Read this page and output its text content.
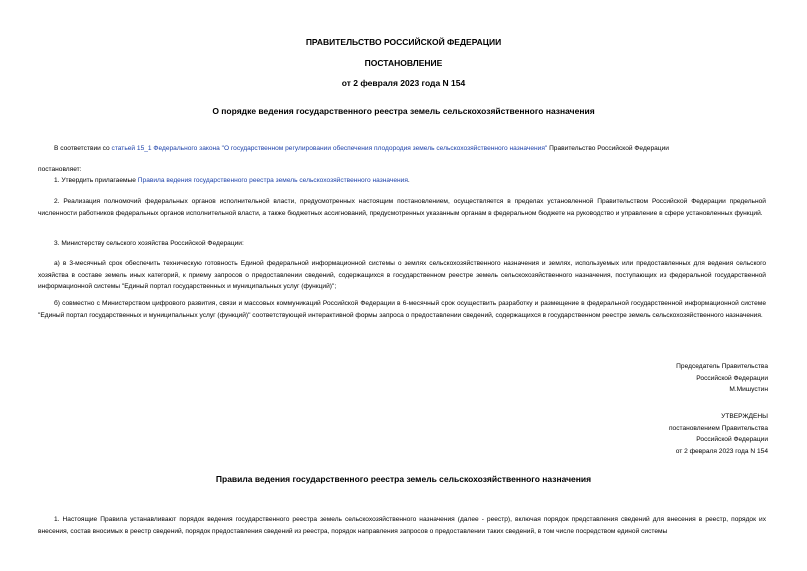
ПРАВИТЕЛЬСТВО РОССИЙСКОЙ ФЕДЕРАЦИИ
ПОСТАНОВЛЕНИЕ
от 2 февраля 2023 года N 154
О порядке ведения государственного реестра земель сельскохозяйственного назначения

В соответствии со статьей 15_1 Федерального закона "О государственном регулировании обеспечения плодородия земель сельскохозяйственного назначения" Правительство Российской Федерации

постановляет:

1. Утвердить прилагаемые Правила ведения государственного реестра земель сельскохозяйственного назначения.

2. Реализация полномочий федеральных органов исполнительной власти, предусмотренных настоящим постановлением, осуществляется в пределах установленной Правительством Российской Федерации предельной численности работников федеральных органов исполнительной власти, а также бюджетных ассигнований, предусмотренных указанным органам в федеральном бюджете на руководство и управление в сфере установленных функций.

3. Министерству сельского хозяйства Российской Федерации:

а) в 3-месячный срок обеспечить техническую готовность Единой федеральной информационной системы о землях сельскохозяйственного назначения и землях, используемых или предоставленных для ведения сельского хозяйства в составе земель иных категорий, к приему запросов о предоставлении сведений, содержащихся в государственном реестре земель сельскохозяйственного назначения, поступающих из федеральной государственной информационной системы "Единый портал государственных и муниципальных услуг (функций)";

б) совместно с Министерством цифрового развития, связи и массовых коммуникаций Российской Федерации в 6-месячный срок осуществить разработку и размещение в федеральной государственной информационной системе "Единый портал государственных и муниципальных услуг (функций)" соответствующей интерактивной формы запроса о предоставлении сведений, содержащихся в государственном реестре земель сельскохозяйственного назначения.

Председатель Правительства
Российской Федерации
М.Мишустин
УТВЕРЖДЕНЫ
постановлением Правительства
Российской Федерации
от 2 февраля 2023 года N 154
Правила ведения государственного реестра земель сельскохозяйственного назначения

1. Настоящие Правила устанавливают порядок ведения государственного реестра земель сельскохозяйственного назначения (далее - реестр), включая порядок представления сведений для внесения в реестр, порядок их внесения, состав вносимых в реестр сведений, порядок предоставления сведений из реестра, порядок направления запросов о предоставлении таких сведений, в том числе посредством единой системы
